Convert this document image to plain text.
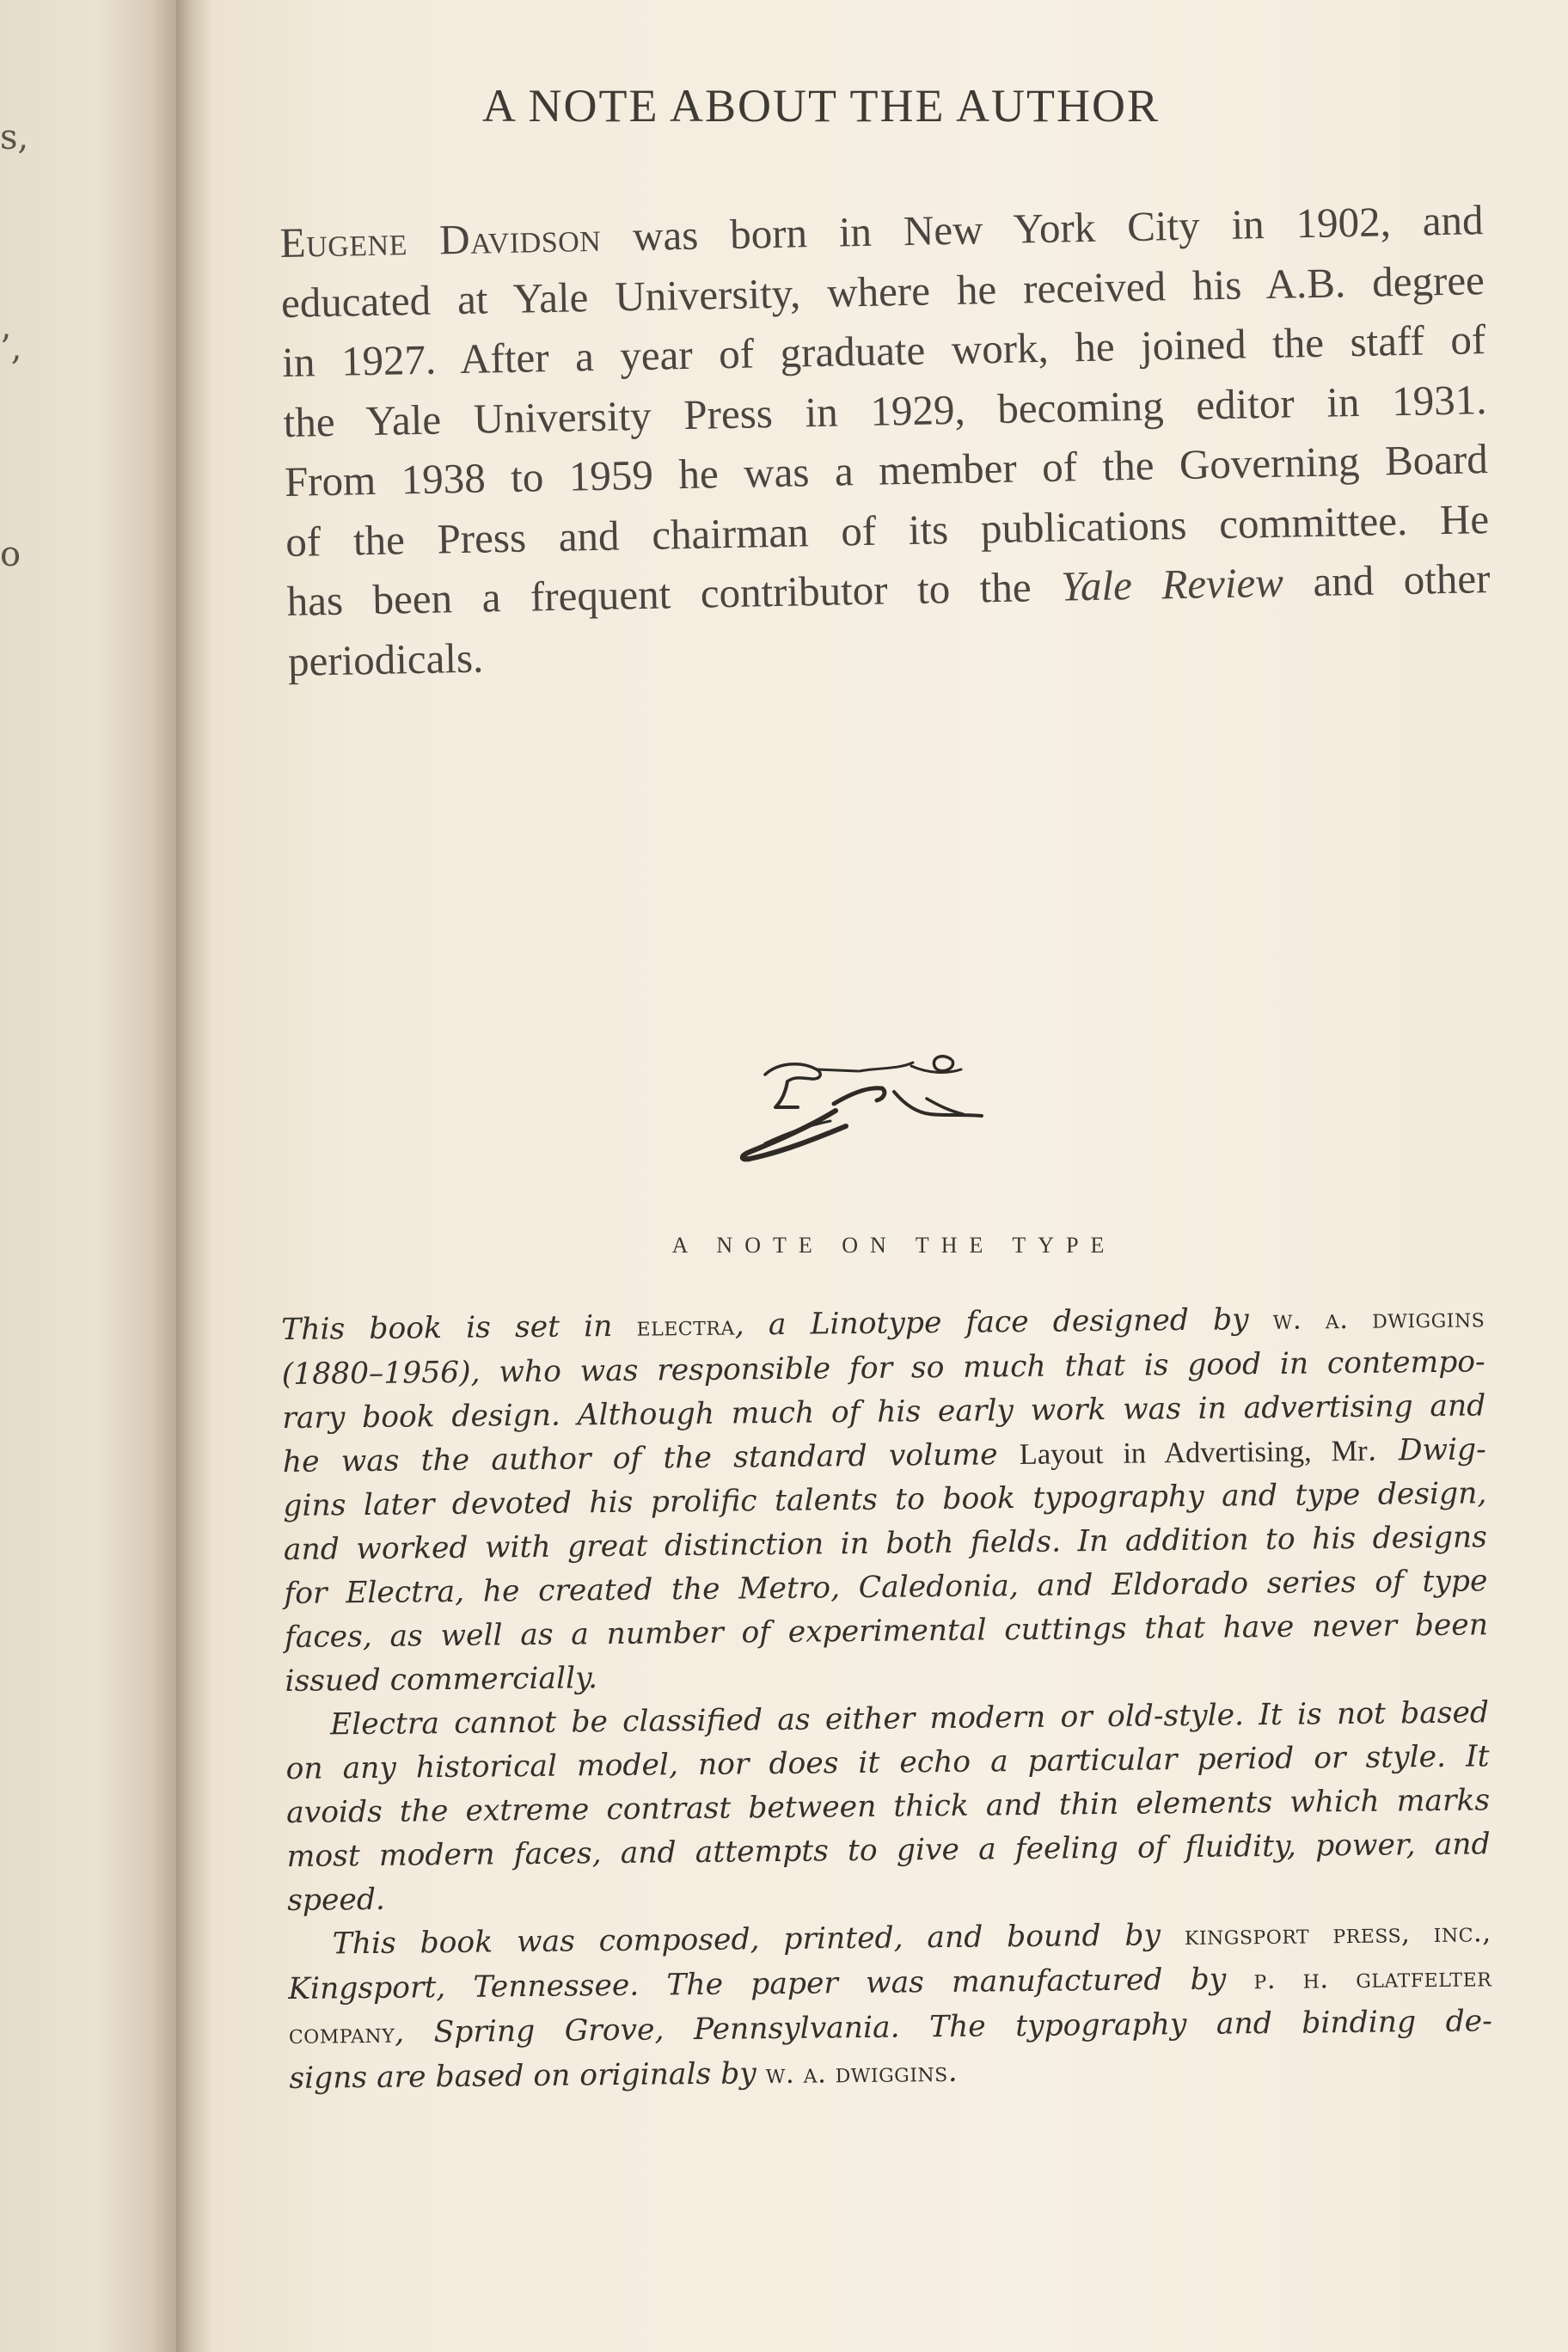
s,
’,
o
A NOTE ABOUT THE AUTHOR
Eugene Davidson was born in New York City in 1902, and
educated at Yale University, where he received his A.B. degree
in 1927. After a year of graduate work, he joined the staff of
the Yale University Press in 1929, becoming editor in 1931.
From 1938 to 1959 he was a member of the Governing Board
of the Press and chairman of its publications committee. He
has been a frequent contributor to the Yale Review and other
periodicals.
A NOTE ON THE TYPE
This book is set in electra, a Linotype face designed by w. a. dwiggins
(1880–1956), who was responsible for so much that is good in contempo-
rary book design. Although much of his early work was in advertising and
he was the author of the standard volume Layout in Advertising, Mr. Dwig-
gins later devoted his prolific talents to book typography and type design,
and worked with great distinction in both fields. In addition to his designs
for Electra, he created the Metro, Caledonia, and Eldorado series of type
faces, as well as a number of experimental cuttings that have never been
issued commercially.
Electra cannot be classified as either modern or old-style. It is not based
on any historical model, nor does it echo a particular period or style. It
avoids the extreme contrast between thick and thin elements which marks
most modern faces, and attempts to give a feeling of fluidity, power, and
speed.
This book was composed, printed, and bound by kingsport press, inc.,
Kingsport, Tennessee. The paper was manufactured by p. h. glatfelter
company, Spring Grove, Pennsylvania. The typography and binding de-
signs are based on originals by w. a. dwiggins.
